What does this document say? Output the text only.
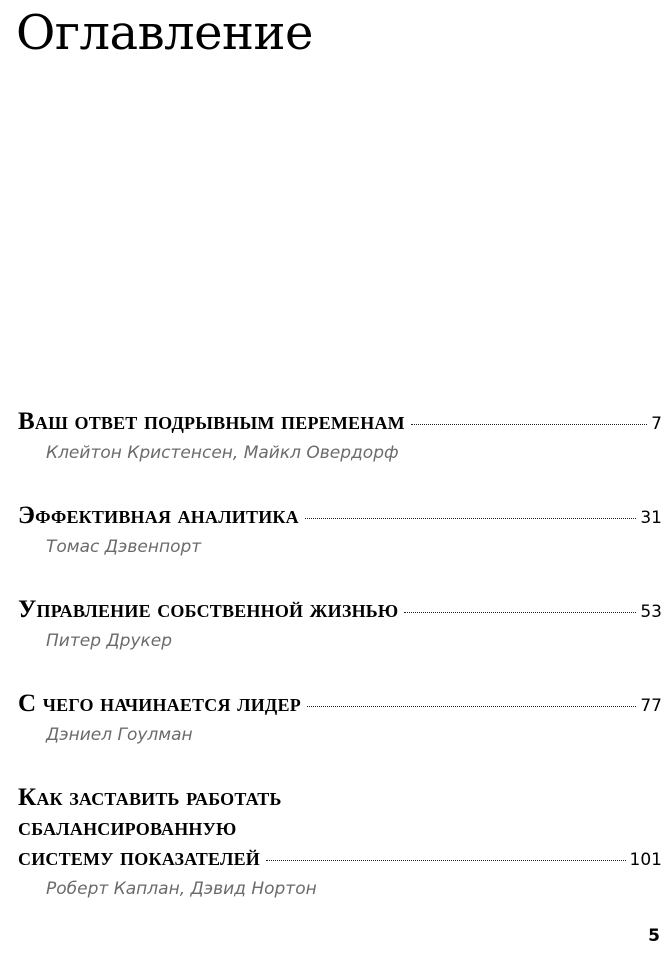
Оглавление
Ваш ответ подрывным переменам	7
Клейтон Кристенсен, Майкл Овердорф
Эффективная аналитика	31
Томас Дэвенпорт
Управление собственной жизнью	53
Питер Друкер
С чего начинается лидер	77
Дэниел Гоулман
Как заставить работать
сбалансированную
систему показателей	101
Роберт Каплан, Дэвид Нортон
5
